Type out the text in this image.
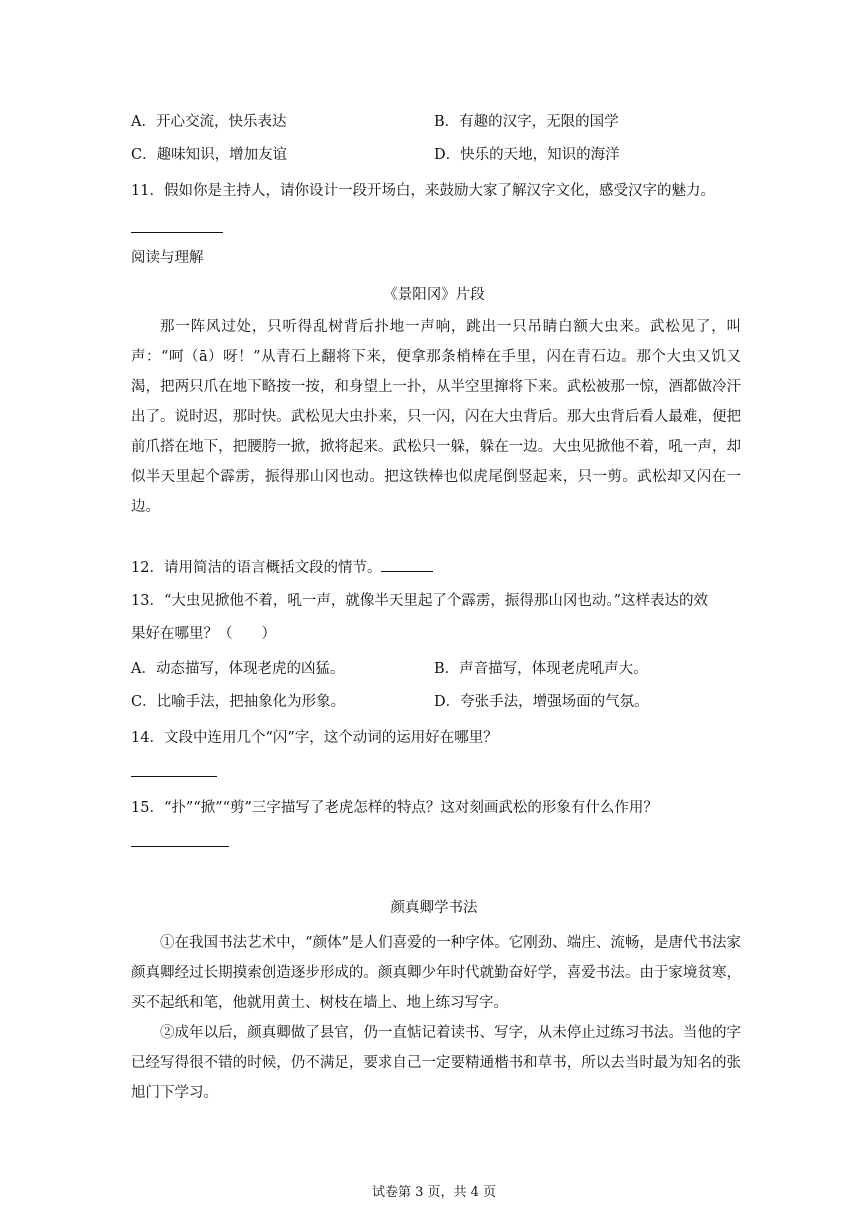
A．开心交流，快乐表达	B．有趣的汉字，无限的国学
C．趣味知识，增加友谊	D．快乐的天地，知识的海洋
11．假如你是主持人，请你设计一段开场白，来鼓励大家了解汉字文化，感受汉字的魅力。
阅读与理解
《景阳冈》片段

那一阵风过处，只听得乱树背后扑地一声响，跳出一只吊睛白额大虫来。武松见了，叫声：“呵（ā）呀！”从青石上翻将下来，便拿那条梢棒在手里，闪在青石边。那个大虫又饥又渴，把两只爪在地下略按一按，和身望上一扑，从半空里撺将下来。武松被那一惊，酒都做冷汗出了。说时迟，那时快。武松见大虫扑来，只一闪，闪在大虫背后。那大虫背后看人最难，便把前爪搭在地下，把腰胯一掀，掀将起来。武松只一躲，躲在一边。大虫见掀他不着，吼一声，却似半天里起个霹雳，振得那山冈也动。把这铁棒也似虎尾倒竖起来，只一剪。武松却又闪在一边。

12．请用简洁的语言概括文段的情节。
13．“大虫见掀他不着，吼一声，就像半天里起了个霹雳，振得那山冈也动。”这样表达的效
果好在哪里？（　　）
A．动态描写，体现老虎的凶猛。	B．声音描写，体现老虎吼声大。
C．比喻手法，把抽象化为形象。	D．夸张手法，增强场面的气氛。
14．文段中连用几个“闪”字，这个动词的运用好在哪里？
15．“扑”“掀”“剪”三字描写了老虎怎样的特点？这对刻画武松的形象有什么作用？
颜真卿学书法

①在我国书法艺术中，“颜体”是人们喜爱的一种字体。它刚劲、端庄、流畅，是唐代书法家颜真卿经过长期摸索创造逐步形成的。颜真卿少年时代就勤奋好学，喜爱书法。由于家境贫寒，买不起纸和笔，他就用黄土、树枝在墙上、地上练习写字。

②成年以后，颜真卿做了县官，仍一直惦记着读书、写字，从未停止过练习书法。当他的字已经写得很不错的时候，仍不满足，要求自己一定要精通楷书和草书，所以去当时最为知名的张旭门下学习。

试卷第 3 页，共 4 页
